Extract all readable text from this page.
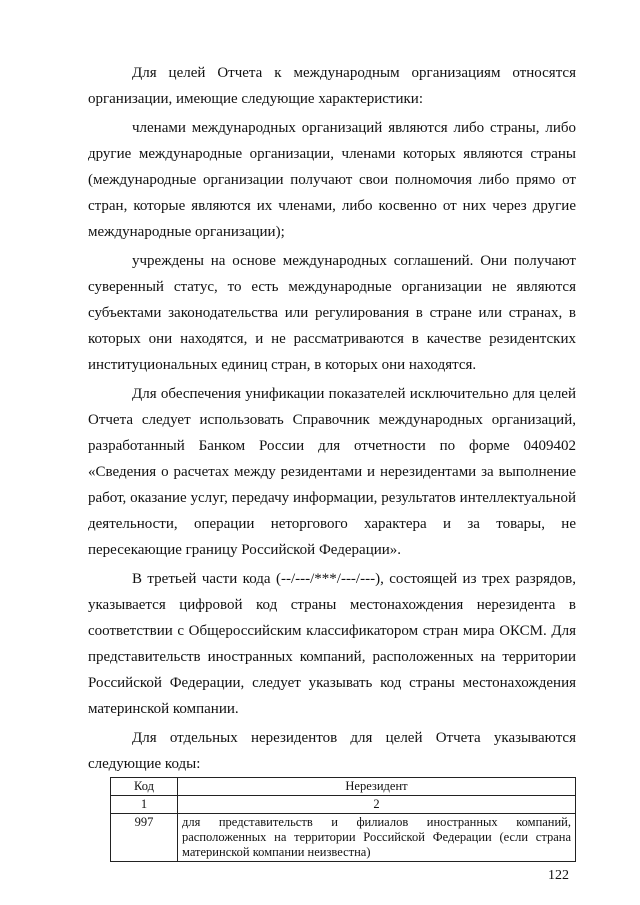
Для целей Отчета к международным организациям относятся организации, имеющие следующие характеристики:

членами международных организаций являются либо страны, либо другие международные организации, членами которых являются страны (международные организации получают свои полномочия либо прямо от стран, которые являются их членами, либо косвенно от них через другие международные организации);

учреждены на основе международных соглашений. Они получают суверенный статус, то есть международные организации не являются субъектами законодательства или регулирования в стране или странах, в которых они находятся, и не рассматриваются в качестве резидентских институциональных единиц стран, в которых они находятся.

Для обеспечения унификации показателей исключительно для целей Отчета следует использовать Справочник международных организаций, разработанный Банком России для отчетности по форме 0409402 «Сведения о расчетах между резидентами и нерезидентами за выполнение работ, оказание услуг, передачу информации, результатов интеллектуальной деятельности, операции неторгового характера и за товары, не пересекающие границу Российской Федерации».

В третьей части кода (--/---/***/---/---), состоящей из трех разрядов, указывается цифровой код страны местонахождения нерезидента в соответствии с Общероссийским классификатором стран мира ОКСМ. Для представительств иностранных компаний, расположенных на территории Российской Федерации, следует указывать код страны местонахождения материнской компании.

Для отдельных нерезидентов для целей Отчета указываются следующие коды:

Код	Нерезидент
1	2
997	для представительств и филиалов иностранных компаний, расположенных на территории Российской Федерации (если страна материнской компании неизвестна)
122
